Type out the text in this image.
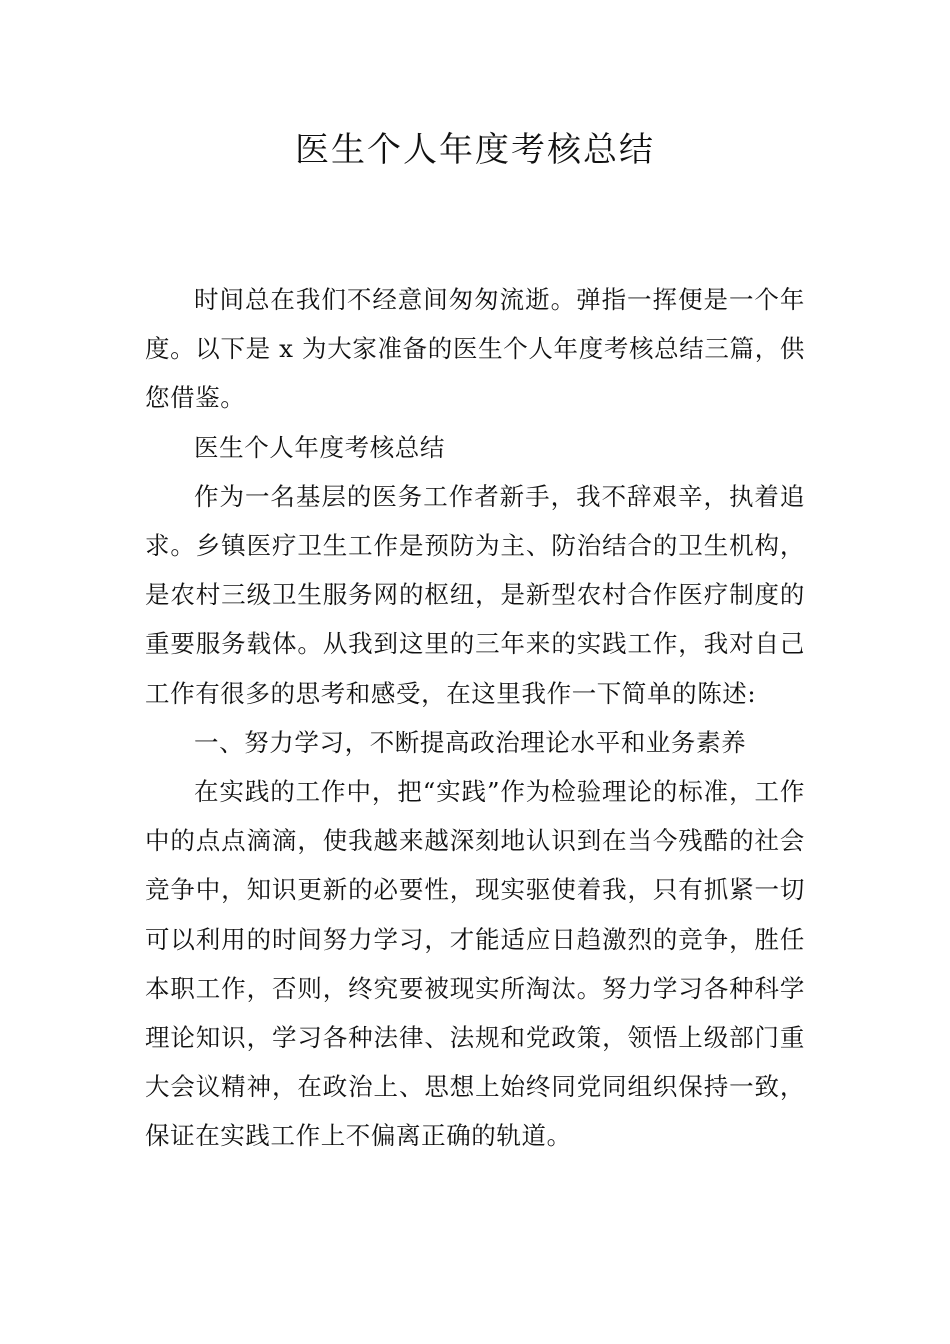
医生个人年度考核总结

时间总在我们不经意间匆匆流逝。弹指一挥便是一个年度。以下是 x 为大家准备的医生个人年度考核总结三篇，供您借鉴。

医生个人年度考核总结

作为一名基层的医务工作者新手，我不辞艰辛，执着追求。乡镇医疗卫生工作是预防为主、防治结合的卫生机构，是农村三级卫生服务网的枢纽，是新型农村合作医疗制度的重要服务载体。从我到这里的三年来的实践工作，我对自己工作有很多的思考和感受，在这里我作一下简单的陈述:

一、努力学习，不断提高政治理论水平和业务素养

在实践的工作中，把“实践”作为检验理论的标准，工作中的点点滴滴，使我越来越深刻地认识到在当今残酷的社会竞争中，知识更新的必要性，现实驱使着我，只有抓紧一切可以利用的时间努力学习，才能适应日趋激烈的竞争，胜任本职工作，否则，终究要被现实所淘汰。努力学习各种科学理论知识，学习各种法律、法规和党政策，领悟上级部门重大会议精神，在政治上、思想上始终同党同组织保持一致，保证在实践工作上不偏离正确的轨道。
